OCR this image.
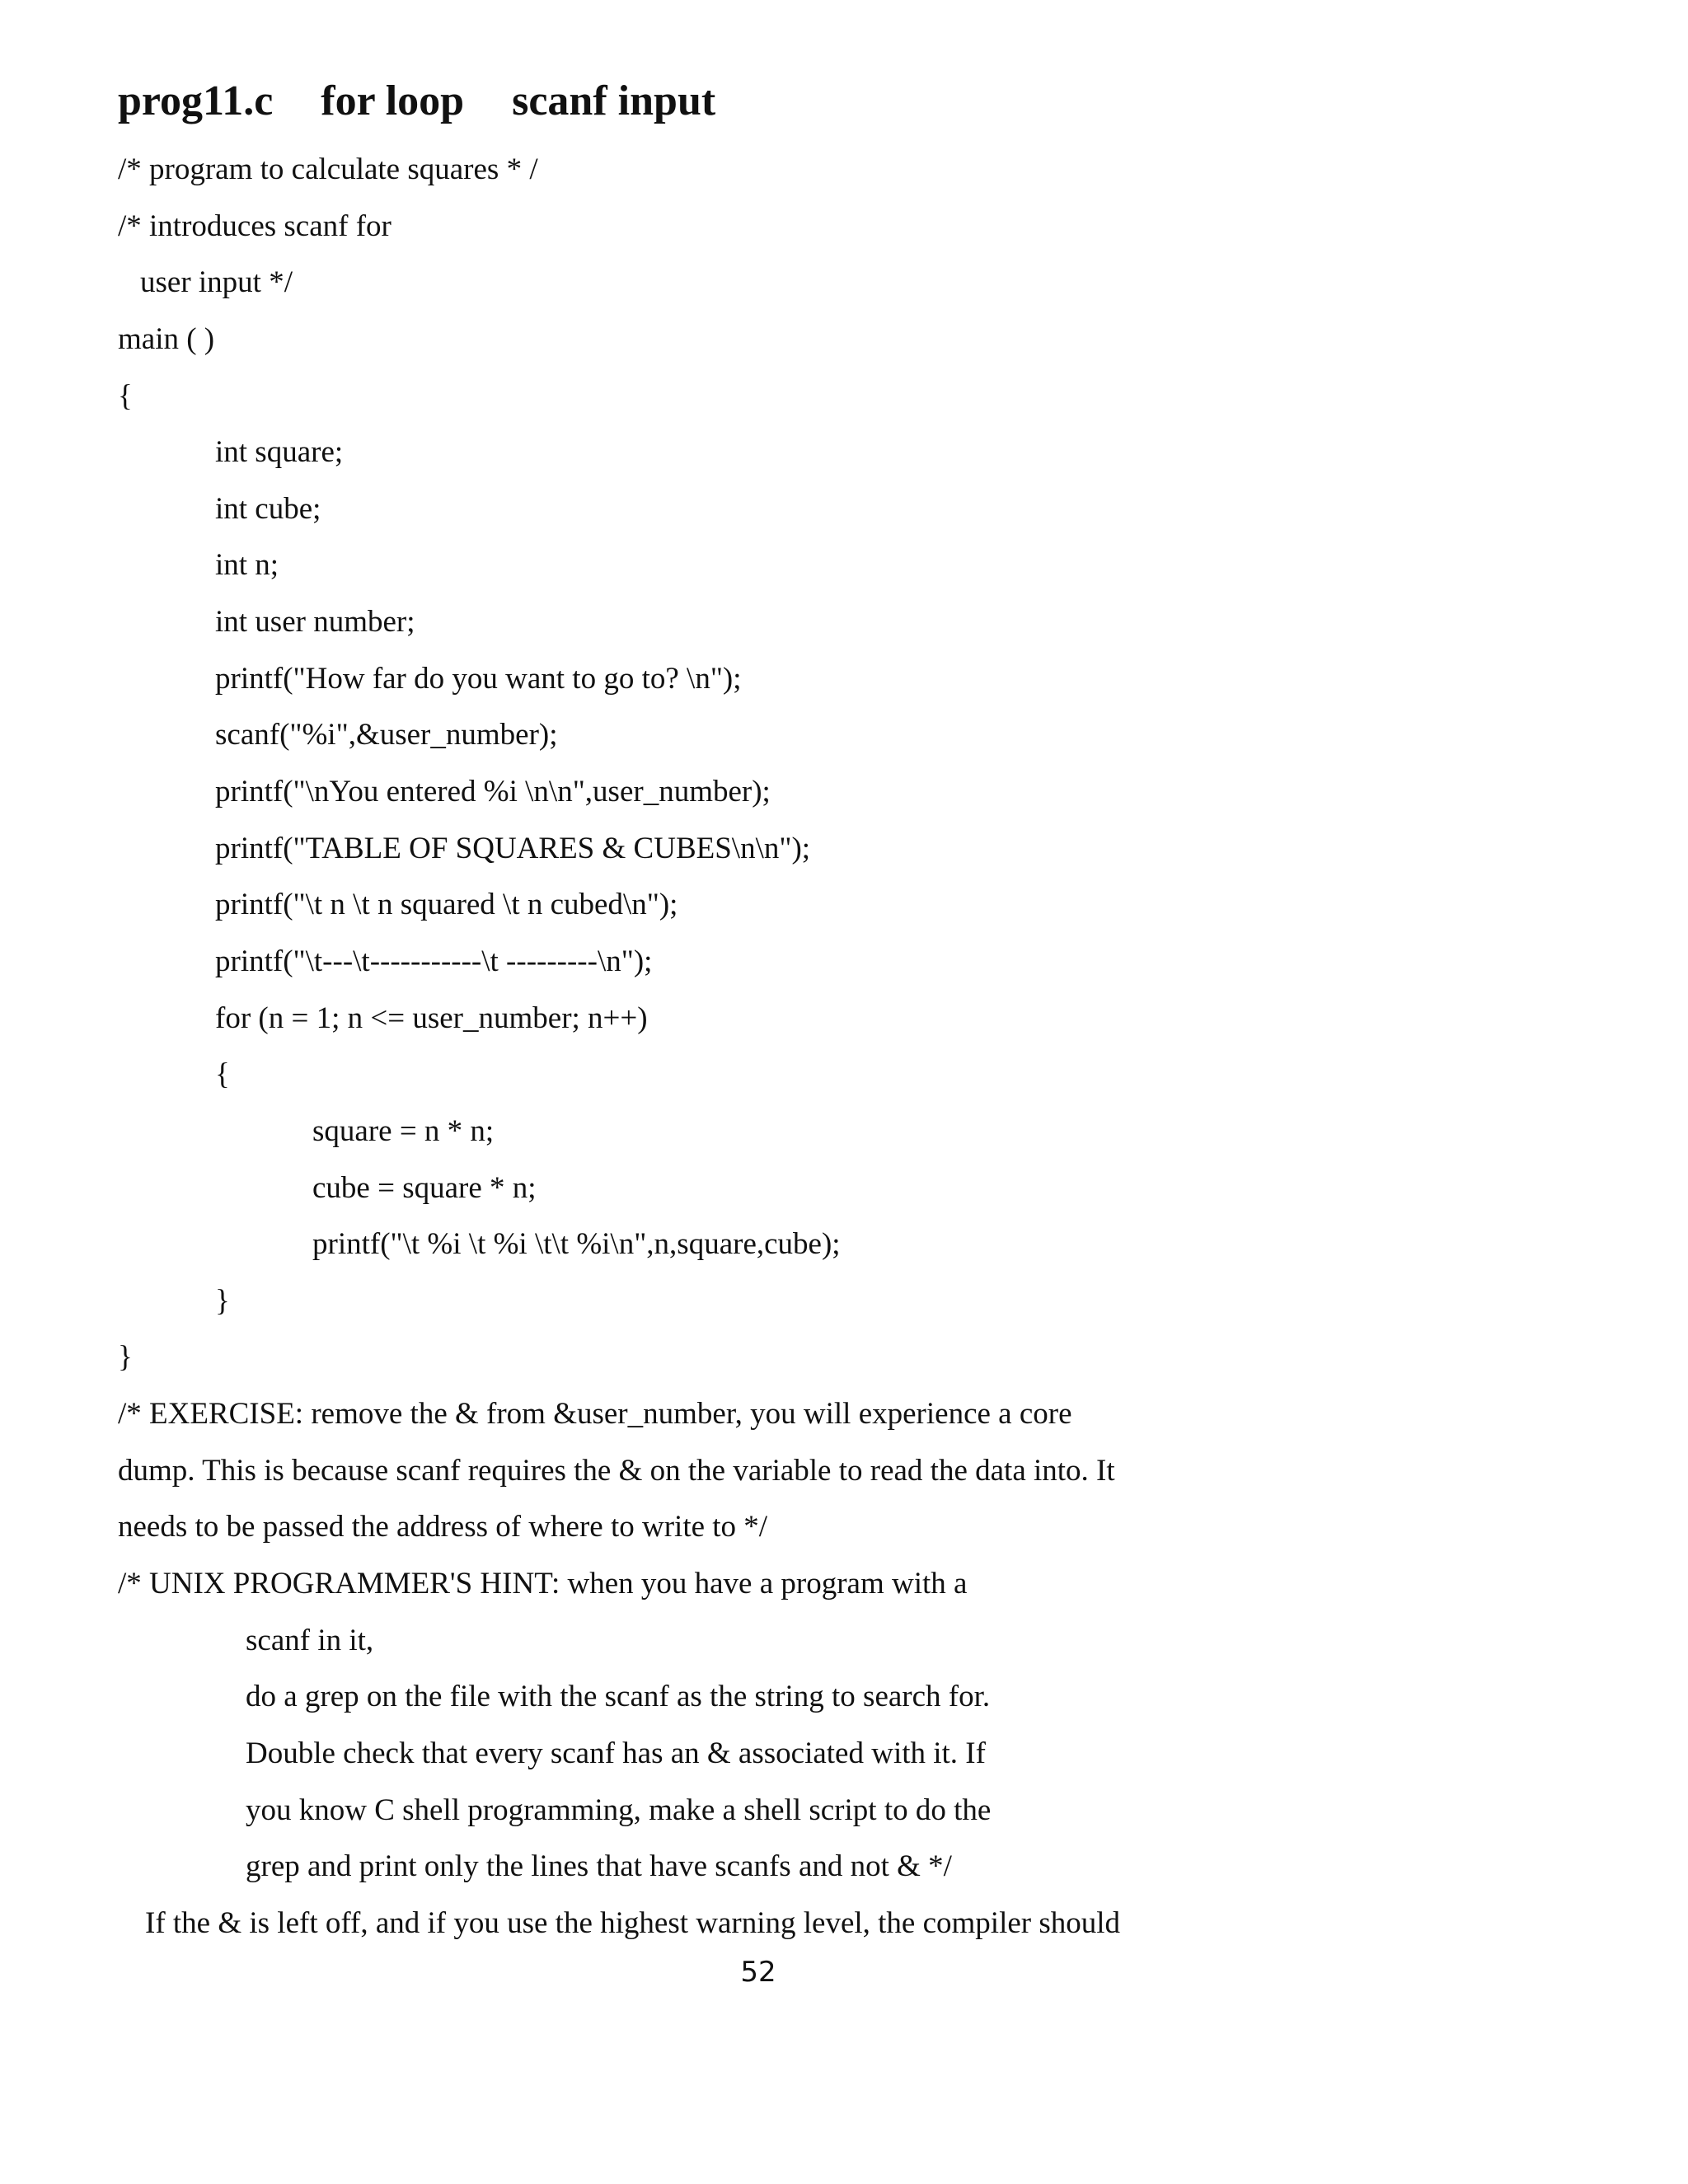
prog11.c for loop scanf input
/* program to calculate squares * /
/* introduces scanf for
user input */
main ( )
{
int square;
int cube;
int n;
int user number;
printf("How far do you want to go to? \n");
scanf("%i",&user_number);
printf("\nYou entered %i \n\n",user_number);
printf("TABLE OF SQUARES & CUBES\n\n");
printf("\t n \t n squared \t n cubed\n");
printf("\t---\t-----------\t ---------\n");
for (n = 1; n <= user_number; n++)
{
square = n * n;
cube = square * n;
printf("\t %i \t %i \t\t %i\n",n,square,cube);
}
}
/* EXERCISE: remove the & from &user_number, you will experience a core
dump. This is because scanf requires the & on the variable to read the data into. It
needs to be passed the address of where to write to */
/* UNIX PROGRAMMER'S HINT: when you have a program with a
scanf in it,
do a grep on the file with the scanf as the string to search for.
Double check that every scanf has an & associated with it. If
you know C shell programming, make a shell script to do the
grep and print only the lines that have scanfs and not & */
If the & is left off, and if you use the highest warning level, the compiler should
52
